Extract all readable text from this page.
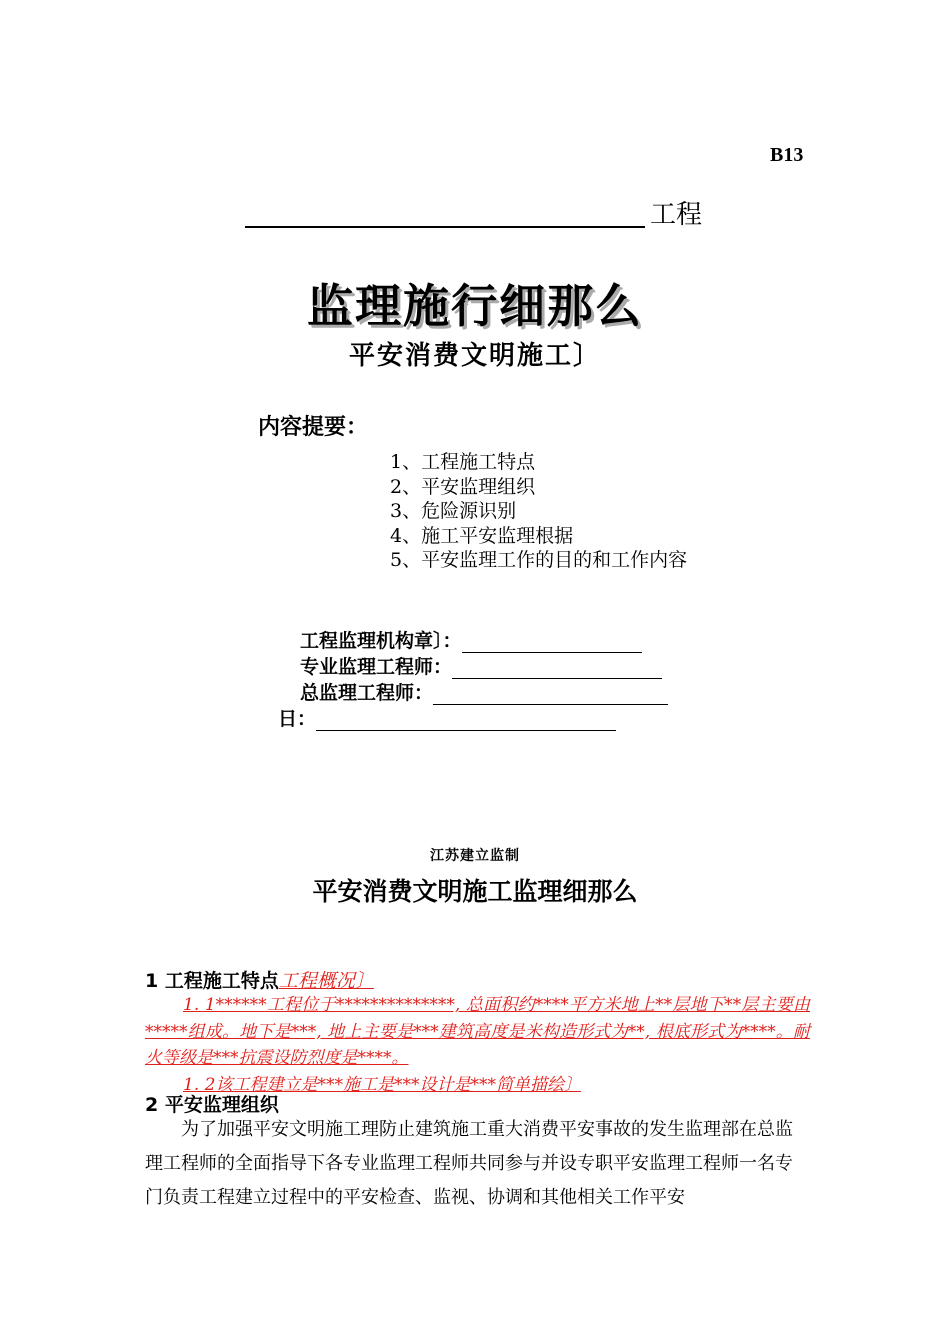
B13
工程
监理施行细那么
平安消费文明施工〕
内容提要：
1、工程施工特点
2、平安监理组织
3、危险源识别
4、施工平安监理根据
5、平安监理工作的目的和工作内容
工程监理机构章〕：
专业监理工程师：
总监理工程师：
日：
江苏建立监制
平安消费文明施工监理细那么
1 工程施工特点工程概况〕

1. 1******工程位于**************, 总面积约****平方米地上**层地下**层主要由*****组成。地下是***, 地上主要是***建筑高度是米构造形式为**, 根底形式为****。耐火等级是***抗震设防烈度是****。

1. 2该工程建立是***施工是***设计是***简单描绘〕

2 平安监理组织
为了加强平安文明施工理防止建筑施工重大消费平安事故的发生监理部在总监理工程师的全面指导下各专业监理工程师共同参与并设专职平安监理工程师一名专门负责工程建立过程中的平安检查、监视、协调和其他相关工作平安
